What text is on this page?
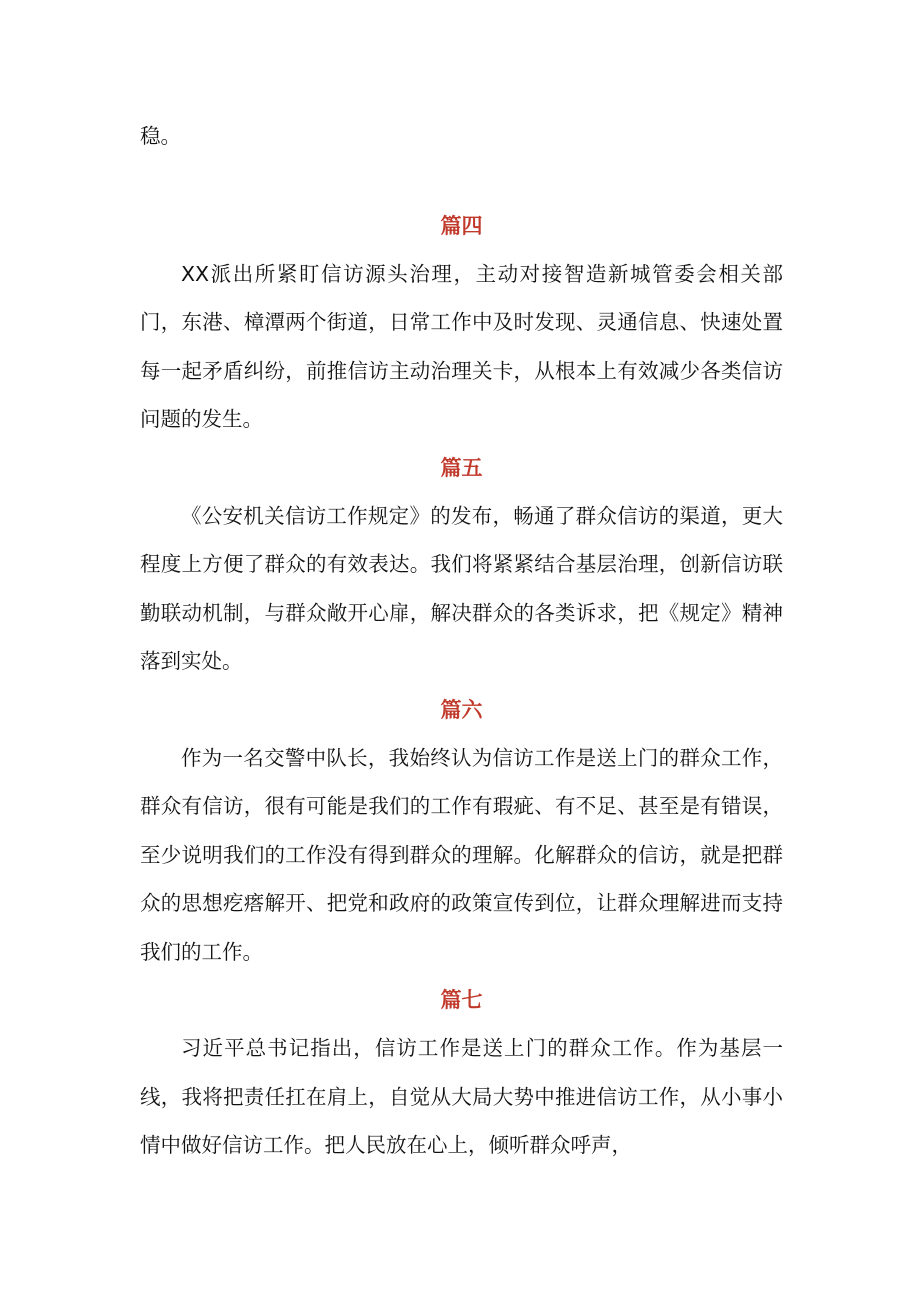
稳。

篇四

XX派出所紧盯信访源头治理，主动对接智造新城管委会相关部门，东港、樟潭两个街道，日常工作中及时发现、灵通信息、快速处置每一起矛盾纠纷，前推信访主动治理关卡，从根本上有效减少各类信访问题的发生。

篇五

《公安机关信访工作规定》的发布，畅通了群众信访的渠道，更大程度上方便了群众的有效表达。我们将紧紧结合基层治理，创新信访联勤联动机制，与群众敞开心扉，解决群众的各类诉求，把《规定》精神落到实处。

篇六

作为一名交警中队长，我始终认为信访工作是送上门的群众工作，群众有信访，很有可能是我们的工作有瑕疵、有不足、甚至是有错误，至少说明我们的工作没有得到群众的理解。化解群众的信访，就是把群众的思想疙瘩解开、把党和政府的政策宣传到位，让群众理解进而支持我们的工作。

篇七

习近平总书记指出，信访工作是送上门的群众工作。作为基层一线，我将把责任扛在肩上，自觉从大局大势中推进信访工作，从小事小情中做好信访工作。把人民放在心上，倾听群众呼声，
